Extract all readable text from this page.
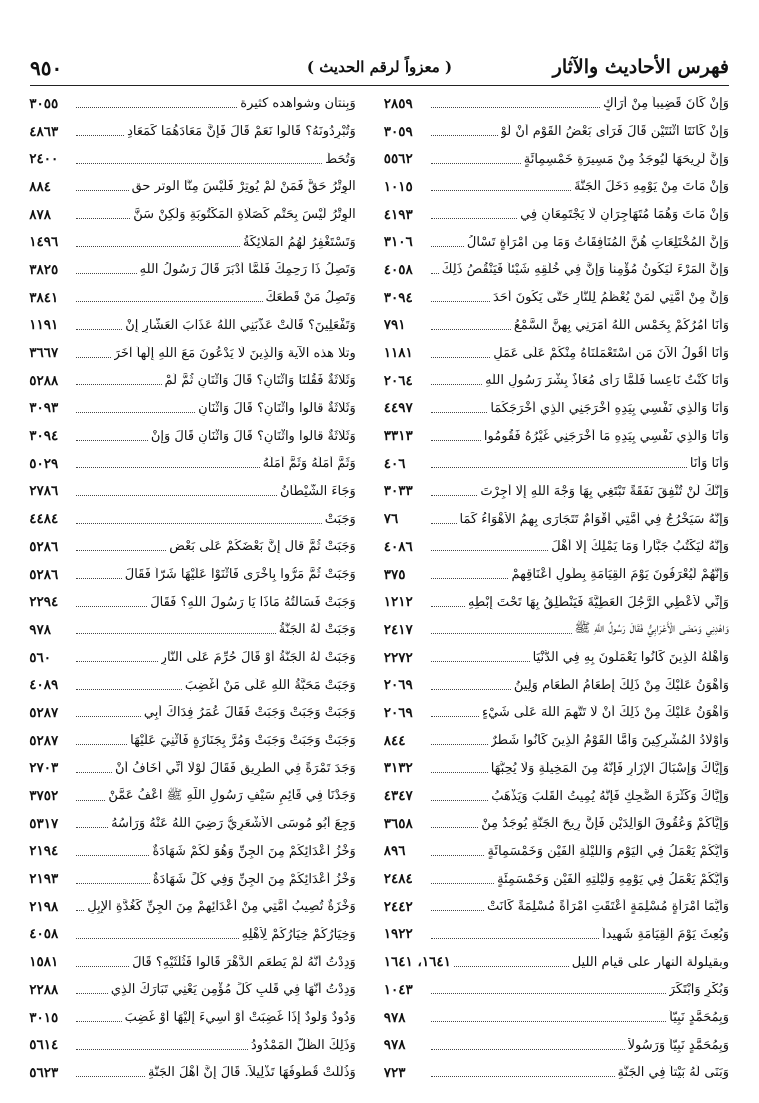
فهرس الأحاديث والآثار
( معزواً لرقم الحديث )
٩٥٠
وَإِنْ كَانَ قَضِيباً مِنْ أَرَاكٍ
٢٨٥٩
وَإِنْ كَانَتَا اثْنَتَيْنِ قَالَ فَرَأَى بَعْضُ الْقَوْمِ أَنْ لَوْ
٣٠٥٩
وَإِنَّ لَرِيحَهَا لَيُوجَدُ مِنْ مَسِيرَةِ خَمْسِمِائَةٍ
٥٥٦٢
وَإِنْ مَاتَ مِنْ يَوْمِهِ دَخَلَ الْجَنَّةَ
١٠١٥
وَإِنْ مَاتَ وَهُمَا مُتَهَاجِرَانِ لَا يَجْتَمِعَانِ فِي
٤١٩٣
وَإِنَّ الْمُخْتَلِعَاتِ هُنَّ الْمُنَافِقَاتُ وَمَا مِنِ امْرَأَةٍ تَسْأَلُ
٣١٠٦
وَإِنَّ الْمَرْءَ لَيَكُونُ مُؤْمِناً وَإِنَّ فِي خُلُقِهِ شَيْئاً فَيَنْقُصُ ذَلِكَ
٤٠٥٨
وَإِنَّ مِنْ أُمَّتِي لَمَنْ يُعْظَمُ لِلنَّارِ حَتَّى يَكُونَ أَحَدَ
٣٠٩٤
وَأَنَا آمُرُكُمْ بِخَمْسٍ اللَّهُ أَمَرَنِي بِهِنَّ السَّمْعُ
٧٩١
وَأَنَا أَقُولُ الْآنَ مَنِ اسْتَعْمَلْنَاهُ مِنْكُمْ عَلَى عَمَلٍ
١١٨١
وَأَنَا كُنْتُ نَاعِساً فَلَمَّا رَأَى مُعَاذٌ بِشْرَ رَسُولِ اللَّهِ
٢٠٦٤
وَأَنَا وَالَّذِي نَفْسِي بِيَدِهِ أَخْرَجَنِي الَّذِي أَخْرَجَكُمَا
٤٤٩٧
وَأَنَا وَالَّذِي نَفْسِي بِيَدِهِ مَا أَخْرَجَنِي غَيْرُهُ فَقُومُوا
٣٣١٣
وَأَنَا وَأَنَا
٤٠٦
وَإِنَّكَ لَنْ تُنْفِقَ نَفَقَةً تَبْتَغِي بِهَا وَجْهَ اللَّهِ إِلَّا أُجِرْتَ
٣٠٣٣
وَإِنَّهُ سَيَخْرُجُ فِي أُمَّتِي أَقْوَامٌ تَتَجَارَى بِهِمُ الْأَهْوَاءُ كَمَا
٧٦
وَإِنَّهُ لَيَكْتُبُ جَبَّاراً وَمَا يَمْلِكُ إِلَّا أَهْلَ
٤٠٨٦
وَإِنَّهُمْ لَيُعْرَفُونَ يَوْمَ الْقِيَامَةِ بِطُولِ أَعْنَاقِهِمْ
٣٧٥
وَإِنِّي لَأُعْطِي الرَّجُلَ الْعَطِيَّةَ فَيَنْطَلِقُ بِهَا تَحْتَ إِبْطِهِ
١٢١٢
وَاهْدِنِي وَمَضَى الْأَعْرَابِيُّ فَقَالَ رَسُولُ اللَّهِ ﷺ
٢٤١٧
وَأَهْلُهُ الَّذِينَ كَانُوا يَعْمَلُونَ بِهِ فِي الدُّنْيَا
٢٢٧٢
وَأَهْوَنُ عَلَيْكَ مِنْ ذَلِكَ إِطْعَامُ الطَّعَامِ وَلِينُ
٢٠٦٩
وَأَهْوَنُ عَلَيْكَ مِنْ ذَلِكَ أَنْ لَا تَتَّهِمَ اللَّهَ عَلَى شَيْءٍ
٢٠٦٩
وَأَوْلَادُ الْمُشْرِكِينَ وَأَمَّا الْقَوْمُ الَّذِينَ كَانُوا شَطْرٌ
٨٤٤
وَإِيَّاكَ وَإِسْبَالَ الْإِزَارِ فَإِنَّهُ مِنَ الْمَخِيلَةِ وَلَا يُحِبُّهَا
٣١٣٢
وَإِيَّاكَ وَكَثْرَةَ الضَّحِكِ فَإِنَّهُ يُمِيتُ الْقَلْبَ وَيَذْهَبُ
٤٣٤٧
وَإِيَّاكُمْ وَعُقُوقَ الْوَالِدَيْنِ فَإِنَّ رِيحَ الْجَنَّةِ يُوجَدُ مِنْ
٣٦٥٨
وَأَيُّكُمْ يَعْمَلُ فِي الْيَوْمِ وَاللَّيْلَةِ أَلْفَيْنِ وَخَمْسَمِائَةٍ
٨٩٦
وَأَيُّكُمْ يَعْمَلُ فِي يَوْمِهِ وَلَيْلَتِهِ أَلْفَيْنِ وَخَمْسَمِئَةٍ
٢٤٨٤
وَأَيُّمَا امْرَأَةٍ مُسْلِمَةٍ أَعْتَقَتِ امْرَأَةً مُسْلِمَةً كَانَتْ
٢٤٤٢
وَبُعِثَ يَوْمَ الْقِيَامَةِ شَهِيداً
١٩٢٢
وبقيلولة النهار على قيام الليل
١٦٤١، ١٦٤١
وَبُكْرٍ وَابْتَكَرَ
١٠٤٣
وَبِمُحَمَّدٍ نَبِيّاً
٩٧٨
وَبِمُحَمَّدٍ نَبِيّاً وَرَسُولاً
٩٧٨
وَبَنَى لَهُ بَيْتاً فِي الْجَنَّةِ
٧٢٣
وَبِنتان وشواهده كثيرة
٣٠٥٥
وَتُبْرِدُونَهُ؟ قَالُوا نَعَمْ قَالَ فَإِنَّ مَعَادَهُمَا كَمَعَادِ
٤٨٦٣
وَتُحَطُّ
٢٤٠٠
الوِتْرُ حَقٌّ فَمَنْ لَمْ يُوتِرْ فَلَيْسَ مِنَّا الوتر حق
٨٨٤
الوِتْرُ لَيْسَ بِحَتْمٍ كَصَلَاةِ الْمَكْتُوبَةِ وَلَكِنْ سَنَّ
٨٧٨
وَتَسْتَغْفِرُ لَهُمُ الْمَلَائِكَةُ
١٤٩٦
وَتَصِلُ ذَا رَحِمِكَ فَلَمَّا أَدْبَرَ قَالَ رَسُولُ اللَّهِ
٣٨٢٥
وَتَصِلُ مَنْ قَطَعَكَ
٣٨٤١
وَتَفْعَلِينَ؟ قَالَتْ عَذَّبَنِي اللَّهُ عَذَابَ الْعَشَّارِ إِنْ
١١٩١
وتلا هذه الآية وَالَّذِينَ لَا يَدْعُونَ مَعَ اللَّهِ إِلَهاً آخَرَ
٣٦٦٧
وَثَلَاثَةٌ فَقُلْنَا وَاثْنَانِ؟ قَالَ وَاثْنَانِ ثُمَّ لَمْ
٥٢٨٨
وَثَلَاثَةٌ قالوا واثْنَانِ؟ قَالَ وَاثْنَانِ
٣٠٩٣
وَثَلَاثَةٌ قالوا واثْنَانِ؟ قَالَ وَاثْنَانِ قَالَ وَإِنْ
٣٠٩٤
وَثَمَّ أَمَلُهُ وَثَمَّ أَمَلُهُ
٥٠٢٩
وَجَاءَ الشَّيْطَانُ
٢٧٨٦
وَجَبَتْ
٤٤٨٤
وَجَبَتْ ثُمَّ قال إِنَّ بَعْضَكُمْ عَلَى بَعْضٍ
٥٢٨٦
وَجَبَتْ ثُمَّ مَرُّوا بِأُخْرَى فَأَثْنَوْا عَلَيْهَا شَرّاً فَقَالَ
٥٢٨٦
وَجَبَتْ فَسَأَلْتُهُ مَاذَا يَا رَسُولَ اللَّهِ؟ فَقَالَ
٢٢٩٤
وَجَبَتْ لَهُ الْجَنَّةُ
٩٧٨
وَجَبَتْ لَهُ الْجَنَّةُ أَوْ قَالَ حُرِّمَ عَلَى النَّارِ
٥٦٠
وَجَبَتْ مَحَبَّةُ اللَّهِ عَلَى مَنْ أُغْضِبَ
٤٠٨٩
وَجَبَتْ وَجَبَتْ وَجَبَتْ فَقَالَ عُمَرُ فِدَاكَ أَبِي
٥٢٨٧
وَجَبَتْ وَجَبَتْ وَجَبَتْ وَمُرَّ بِجَنَازَةٍ فَأُثْنِيَ عَلَيْهَا
٥٢٨٧
وَجَدَ تَمْرَةً فِي الطَّرِيقِ فَقَالَ لَوْلَا أَنِّي أَخَافُ أَنْ
٢٧٠٣
وَجَدْنَا فِي قَائِمِ سَيْفِ رَسُولِ اللَّهِ ﷺ اعْفُ عَمَّنْ
٣٧٥٢
وَجِعَ أَبُو مُوسَى الْأَشْعَرِيُّ رَضِيَ اللَّهُ عَنْهُ وَرَأْسُهُ
٥٣١٧
وَخْزُ أَعْدَائِكُمْ مِنَ الْجِنِّ وَهُوَ لَكُمْ شَهَادَةٌ
٢١٩٤
وَخْزُ أَعْدَائِكُمْ مِنَ الْجِنِّ وَفِي كُلٍّ شَهَادَةٌ
٢١٩٣
وَخْزَةٌ تُصِيبُ أُمَّتِي مِنْ أَعْدَائِهِمْ مِنَ الْجِنِّ كَغُدَّةِ الإِبِلِ
٢١٩٨
وَخِيَارُكُمْ خِيَارُكُمْ لِأَهْلِهِ
٤٠٥٨
وَدِدْتُ أَنَّهُ لَمْ يَطْعَمِ الدَّهْرَ قَالُوا فَثُلُثَيْهِ؟ قَالَ
١٥٨١
وَدِدْتُ أَنَّهَا فِي قَلْبِ كُلِّ مُؤْمِنٍ يَعْنِي تَبَارَكَ الَّذِي
٢٢٨٨
وَدُودٌ وَلُودٌ إِذَا غَضِبَتْ أَوْ أُسِيءَ إِلَيْهَا أَوْ غَضِبَ
٣٠١٥
وَذَلِكَ الظِّلُّ الْمَمْدُودُ
٥٦١٤
وَذُلِّلَتْ قُطُوفُهَا تَذْلِيلاً. قَالَ إِنَّ أَهْلَ الْجَنَّةِ
٥٦٢٣
